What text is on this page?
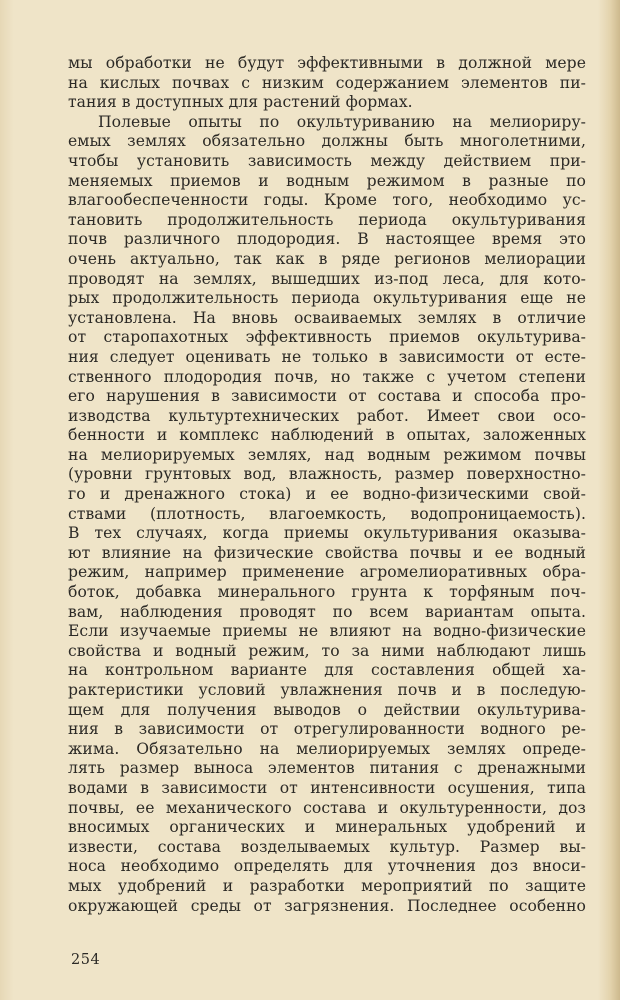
мы обработки не будут эффективными в должной мере
на кислых почвах с низким содержанием элементов пи-
тания в доступных для растений формах.
Полевые опыты по окультуриванию на мелиориру-
емых землях обязательно должны быть многолетними,
чтобы установить зависимость между действием при-
меняемых приемов и водным режимом в разные по
влагообеспеченности годы. Кроме того, необходимо ус-
тановить продолжительность периода окультуривания
почв различного плодородия. В настоящее время это
очень актуально, так как в ряде регионов мелиорации
проводят на землях, вышедших из-под леса, для кото-
рых продолжительность периода окультуривания еще не
установлена. На вновь осваиваемых землях в отличие
от старопахотных эффективность приемов окультурива-
ния следует оценивать не только в зависимости от есте-
ственного плодородия почв, но также с учетом степени
его нарушения в зависимости от состава и способа про-
изводства культуртехнических работ. Имеет свои осо-
бенности и комплекс наблюдений в опытах, заложенных
на мелиорируемых землях, над водным режимом почвы
(уровни грунтовых вод, влажность, размер поверхностно-
го и дренажного стока) и ее водно-физическими свой-
ствами (плотность, влагоемкость, водопроницаемость).
В тех случаях, когда приемы окультуривания оказыва-
ют влияние на физические свойства почвы и ее водный
режим, например применение агромелиоративных обра-
боток, добавка минерального грунта к торфяным поч-
вам, наблюдения проводят по всем вариантам опыта.
Если изучаемые приемы не влияют на водно-физические
свойства и водный режим, то за ними наблюдают лишь
на контрольном варианте для составления общей ха-
рактеристики условий увлажнения почв и в последую-
щем для получения выводов о действии окультурива-
ния в зависимости от отрегулированности водного ре-
жима. Обязательно на мелиорируемых землях опреде-
лять размер выноса элементов питания с дренажными
водами в зависимости от интенсивности осушения, типа
почвы, ее механического состава и окультуренности, доз
вносимых органических и минеральных удобрений и
извести, состава возделываемых культур. Размер вы-
носа необходимо определять для уточнения доз вноси-
мых удобрений и разработки мероприятий по защите
окружающей среды от загрязнения. Последнее особенно
254
